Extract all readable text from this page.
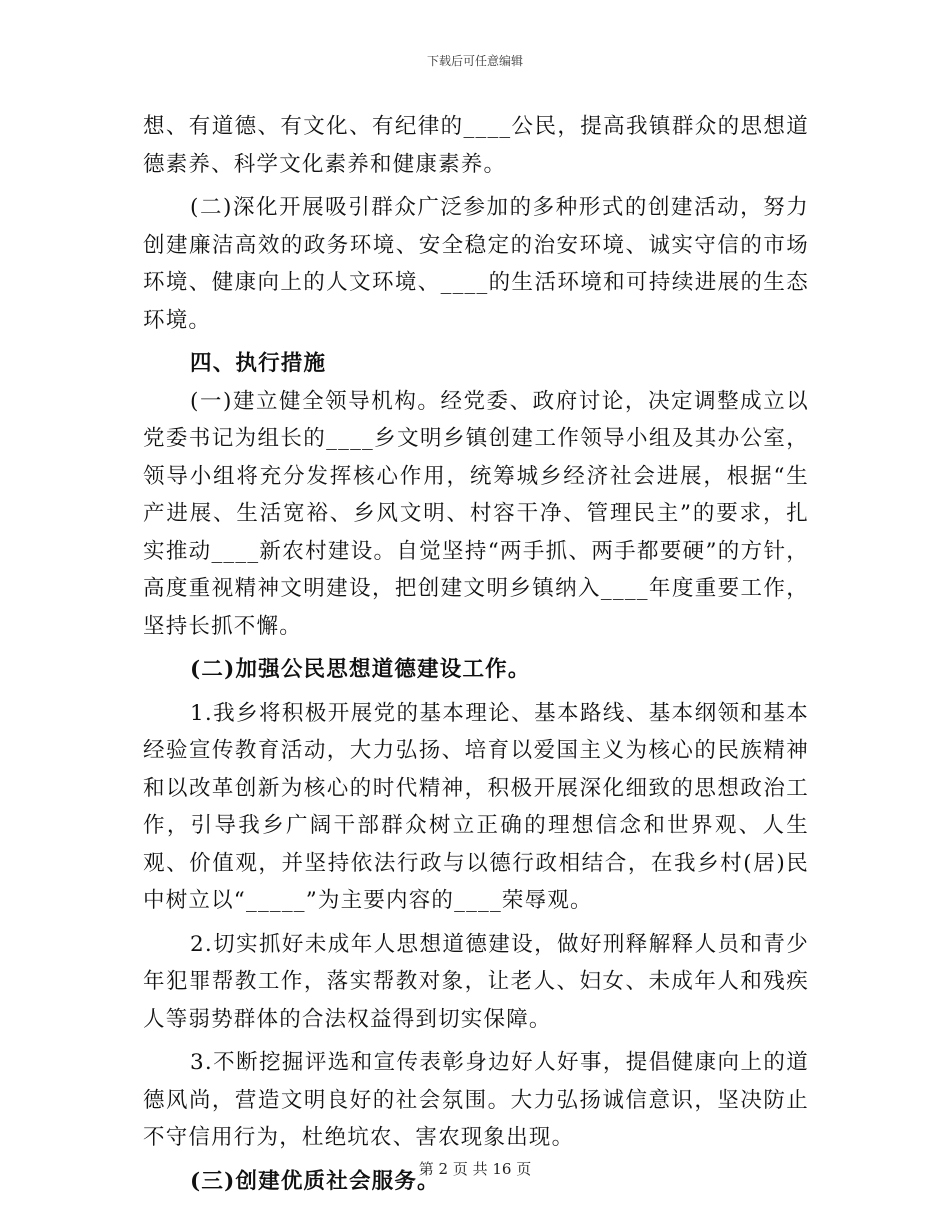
下载后可任意编辑

想、有道德、有文化、有纪律的____公民，提高我镇群众的思想道德素养、科学文化素养和健康素养。

(二)深化开展吸引群众广泛参加的多种形式的创建活动，努力创建廉洁高效的政务环境、安全稳定的治安环境、诚实守信的市场环境、健康向上的人文环境、____的生活环境和可持续进展的生态环境。

四、执行措施

(一)建立健全领导机构。经党委、政府讨论，决定调整成立以党委书记为组长的____乡文明乡镇创建工作领导小组及其办公室，领导小组将充分发挥核心作用，统筹城乡经济社会进展，根据“生产进展、生活宽裕、乡风文明、村容干净、管理民主”的要求，扎实推动____新农村建设。自觉坚持“两手抓、两手都要硬”的方针，高度重视精神文明建设，把创建文明乡镇纳入____年度重要工作，坚持长抓不懈。

(二)加强公民思想道德建设工作。

1.我乡将积极开展党的基本理论、基本路线、基本纲领和基本经验宣传教育活动，大力弘扬、培育以爱国主义为核心的民族精神和以改革创新为核心的时代精神，积极开展深化细致的思想政治工作，引导我乡广阔干部群众树立正确的理想信念和世界观、人生观、价值观，并坚持依法行政与以德行政相结合，在我乡村(居)民中树立以“_____”为主要内容的____荣辱观。

2.切实抓好未成年人思想道德建设，做好刑释解释人员和青少年犯罪帮教工作，落实帮教对象，让老人、妇女、未成年人和残疾人等弱势群体的合法权益得到切实保障。

3.不断挖掘评选和宣传表彰身边好人好事，提倡健康向上的道德风尚，营造文明良好的社会氛围。大力弘扬诚信意识，坚决防止不守信用行为，杜绝坑农、害农现象出现。

(三)创建优质社会服务。

第 2 页 共 16 页
